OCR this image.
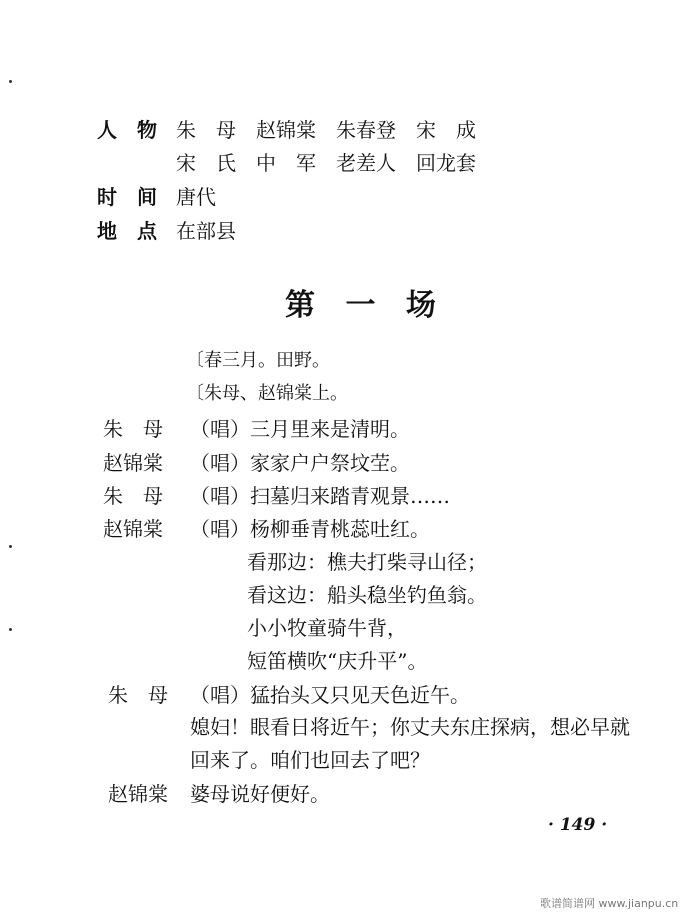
人　物 朱　母　赵锦棠　朱春登　宋　成
宋　氏　中　军　老差人　回龙套
时　间 唐代
地　点 在部县
第 一 场
〔春三月。田野。
〔朱母、赵锦棠上。
朱　母 （唱）三月里来是清明。
赵锦棠 （唱）家家户户祭坟茔。
朱　母 （唱）扫墓归来踏青观景……
赵锦棠 （唱）杨柳垂青桃蕊吐红。
看那边：樵夫打柴寻山径；
看这边：船头稳坐钓鱼翁。
小小牧童骑牛背，
短笛横吹“庆升平”。
朱　母 （唱）猛抬头又只见天色近午。
媳妇！眼看日将近午；你丈夫东庄探病，想必早就
回来了。咱们也回去了吧？
赵锦棠 婆母说好便好。
· 149 ·
歌谱简谱网 www.jianpu.cn
